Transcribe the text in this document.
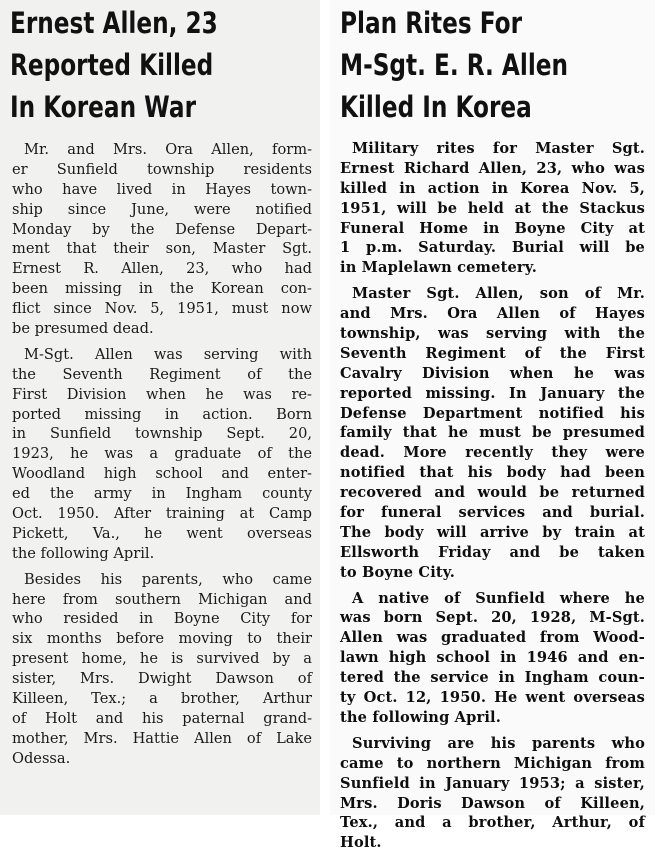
Ernest Allen, 23
Reported Killed
In Korean War
Mr. and Mrs. Ora Allen, form-
er Sunfield township residents
who have lived in Hayes town-
ship since June, were notified
Monday by the Defense Depart-
ment that their son, Master Sgt.
Ernest R. Allen, 23, who had
been missing in the Korean con-
flict since Nov. 5, 1951, must now
be presumed dead.
M-Sgt. Allen was serving with
the Seventh Regiment of the
First Division when he was re-
ported missing in action. Born
in Sunfield township Sept. 20,
1923, he was a graduate of the
Woodland high school and enter-
ed the army in Ingham county
Oct. 1950. After training at Camp
Pickett, Va., he went overseas
the following April.
Besides his parents, who came
here from southern Michigan and
who resided in Boyne City for
six months before moving to their
present home, he is survived by a
sister, Mrs. Dwight Dawson of
Killeen, Tex.; a brother, Arthur
of Holt and his paternal grand-
mother, Mrs. Hattie Allen of Lake
Odessa.
Plan Rites For
M-Sgt. E. R. Allen
Killed In Korea
Military rites for Master Sgt.
Ernest Richard Allen, 23, who was
killed in action in Korea Nov. 5,
1951, will be held at the Stackus
Funeral Home in Boyne City at
1 p.m. Saturday. Burial will be
in Maplelawn cemetery.
Master Sgt. Allen, son of Mr.
and Mrs. Ora Allen of Hayes
township, was serving with the
Seventh Regiment of the First
Cavalry Division when he was
reported missing. In January the
Defense Department notified his
family that he must be presumed
dead. More recently they were
notified that his body had been
recovered and would be returned
for funeral services and burial.
The body will arrive by train at
Ellsworth Friday and be taken
to Boyne City.
A native of Sunfield where he
was born Sept. 20, 1928, M-Sgt.
Allen was graduated from Wood-
lawn high school in 1946 and en-
tered the service in Ingham coun-
ty Oct. 12, 1950. He went overseas
the following April.
Surviving are his parents who
came to northern Michigan from
Sunfield in January 1953; a sister,
Mrs. Doris Dawson of Killeen,
Tex., and a brother, Arthur, of
Holt.
